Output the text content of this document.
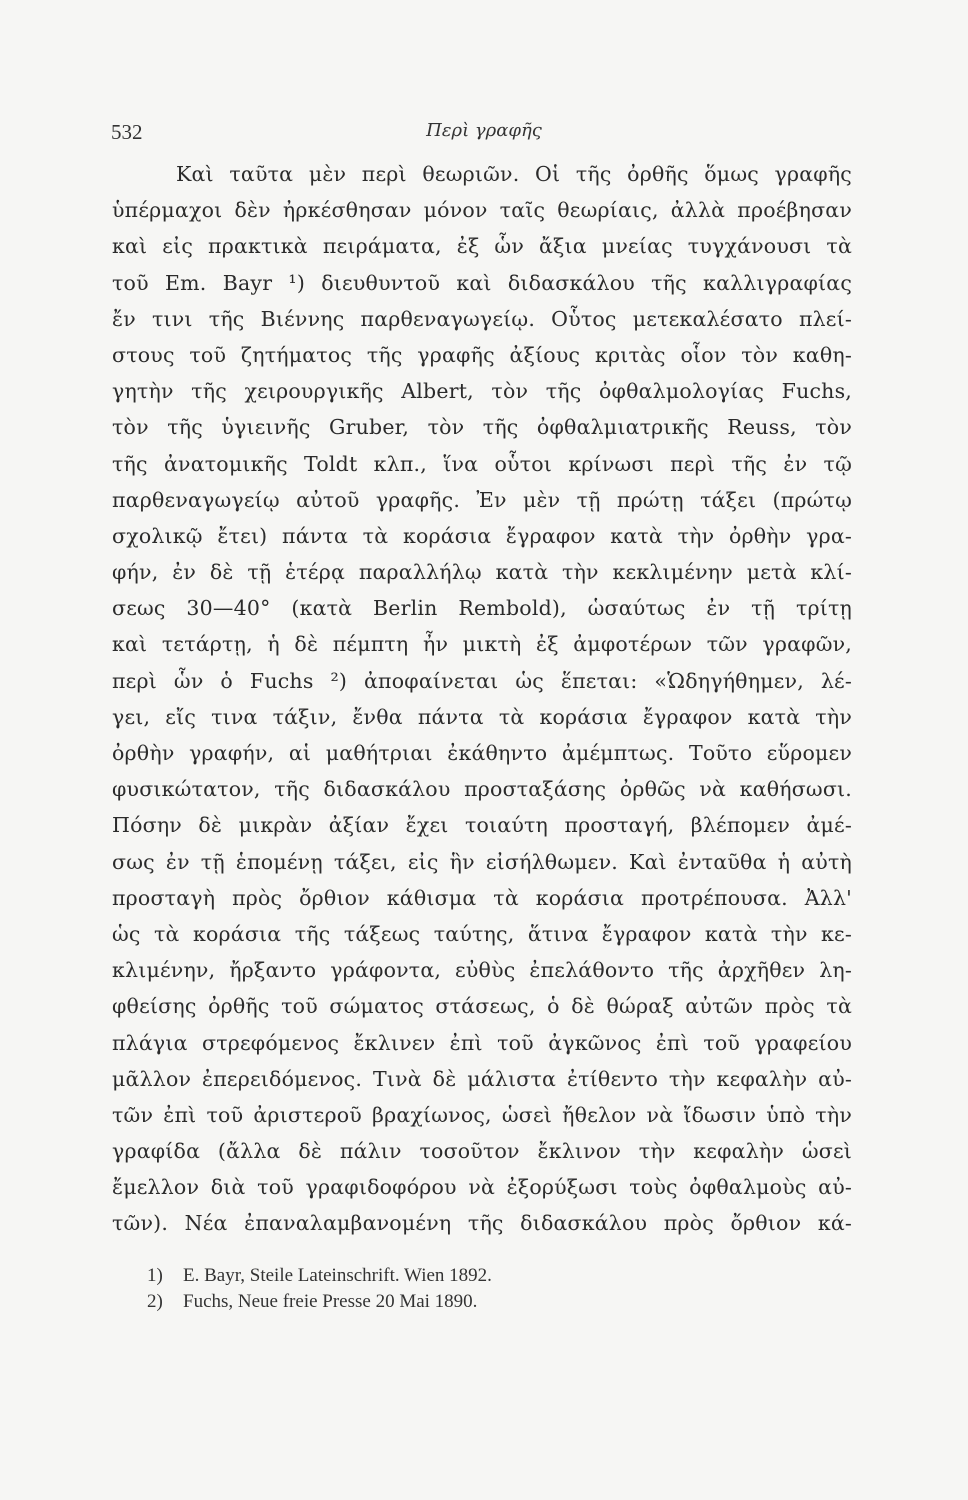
532	Περὶ γραφῆς
Καὶ ταῦτα μὲν περὶ θεωριῶν. Οἱ τῆς ὀρθῆς ὅμως γραφῆς
ὑπέρμαχοι δὲν ἠρκέσθησαν μόνον ταῖς θεωρίαις, ἀλλὰ προέβησαν
καὶ εἰς πρακτικὰ πειράματα, ἐξ ὧν ἄξια μνείας τυγχάνουσι τὰ
τοῦ Em. Bayr ¹) διευθυντοῦ καὶ διδασκάλου τῆς καλλιγραφίας
ἔν τινι τῆς Βιέννης παρθεναγωγείῳ. Οὗτος μετεκαλέσατο πλεί-
στους τοῦ ζητήματος τῆς γραφῆς ἀξίους κριτὰς οἷον τὸν καθη-
γητὴν τῆς χειρουργικῆς Albert, τὸν τῆς ὀφθαλμολογίας Fuchs,
τὸν τῆς ὑγιεινῆς Gruber, τὸν τῆς ὀφθαλμιατρικῆς Reuss, τὸν
τῆς ἀνατομικῆς Toldt κλπ., ἵνα οὗτοι κρίνωσι περὶ τῆς ἐν τῷ
παρθεναγωγείῳ αὐτοῦ γραφῆς. Ἐν μὲν τῇ πρώτῃ τάξει (πρώτῳ
σχολικῷ ἔτει) πάντα τὰ κοράσια ἔγραφον κατὰ τὴν ὀρθὴν γρα-
φήν, ἐν δὲ τῇ ἑτέρᾳ παραλλήλῳ κατὰ τὴν κεκλιμένην μετὰ κλί-
σεως 30—40° (κατὰ Berlin Rembold), ὡσαύτως ἐν τῇ τρίτῃ
καὶ τετάρτῃ, ἡ δὲ πέμπτη ἦν μικτὴ ἐξ ἀμφοτέρων τῶν γραφῶν,
περὶ ὧν ὁ Fuchs ²) ἀποφαίνεται ὡς ἕπεται: «Ὡδηγήθημεν, λέ-
γει, εἴς τινα τάξιν, ἔνθα πάντα τὰ κοράσια ἔγραφον κατὰ τὴν
ὀρθὴν γραφήν, αἱ μαθήτριαι ἐκάθηντο ἀμέμπτως. Τοῦτο εὕρομεν
φυσικώτατον, τῆς διδασκάλου προσταξάσης ὀρθῶς νὰ καθήσωσι.
Πόσην δὲ μικρὰν ἀξίαν ἔχει τοιαύτη προσταγή, βλέπομεν ἀμέ-
σως ἐν τῇ ἑπομένῃ τάξει, εἰς ἣν εἰσήλθωμεν. Καὶ ἐνταῦθα ἡ αὐτὴ
προσταγὴ πρὸς ὄρθιον κάθισμα τὰ κοράσια προτρέπουσα. Ἀλλ'
ὡς τὰ κοράσια τῆς τάξεως ταύτης, ἅτινα ἔγραφον κατὰ τὴν κε-
κλιμένην, ἤρξαντο γράφοντα, εὐθὺς ἐπελάθοντο τῆς ἀρχῆθεν λη-
φθείσης ὀρθῆς τοῦ σώματος στάσεως, ὁ δὲ θώραξ αὐτῶν πρὸς τὰ
πλάγια στρεφόμενος ἔκλινεν ἐπὶ τοῦ ἀγκῶνος ἐπὶ τοῦ γραφείου
μᾶλλον ἐπερειδόμενος. Τινὰ δὲ μάλιστα ἐτίθεντο τὴν κεφαλὴν αὐ-
τῶν ἐπὶ τοῦ ἀριστεροῦ βραχίωνος, ὡσεὶ ἤθελον νὰ ἴδωσιν ὑπὸ τὴν
γραφίδα (ἄλλα δὲ πάλιν τοσοῦτον ἔκλινον τὴν κεφαλὴν ὡσεὶ
ἔμελλον διὰ τοῦ γραφιδοφόρου νὰ ἐξορύξωσι τοὺς ὀφθαλμοὺς αὐ-
τῶν). Νέα ἐπαναλαμβανομένη τῆς διδασκάλου πρὸς ὄρθιον κά-
1) E. Bayr, Steile Lateinschrift. Wien 1892.
2) Fuchs, Neue freie Presse 20 Mai 1890.
